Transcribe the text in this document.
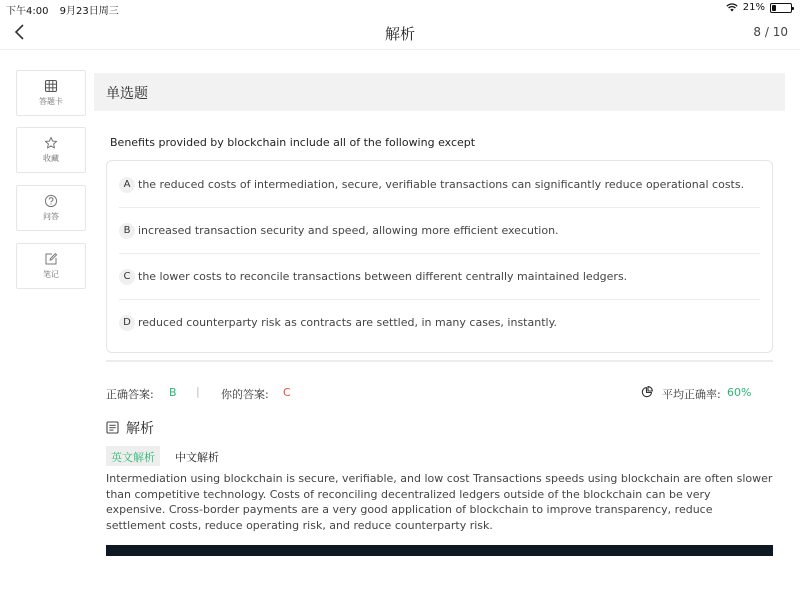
下午4:00 9月23日周三	21%
解析	8 / 10
答题卡
收藏
问答
笔记
单选题
Benefits provided by blockchain include all of the following except
A the reduced costs of intermediation, secure, verifiable transactions can significantly reduce operational costs.
B increased transaction security and speed, allowing more efficient execution.
C the lower costs to reconcile transactions between different centrally maintained ledgers.
D reduced counterparty risk as contracts are settled, in many cases, instantly.
正确答案: B | 你的答案: C	平均正确率: 60%
解析
英文解析	中文解析
Intermediation using blockchain is secure, verifiable, and low cost Transactions speeds using blockchain are often slower than competitive technology. Costs of reconciling decentralized ledgers outside of the blockchain can be very expensive. Cross-border payments are a very good application of blockchain to improve transparency, reduce settlement costs, reduce operating risk, and reduce counterparty risk.
